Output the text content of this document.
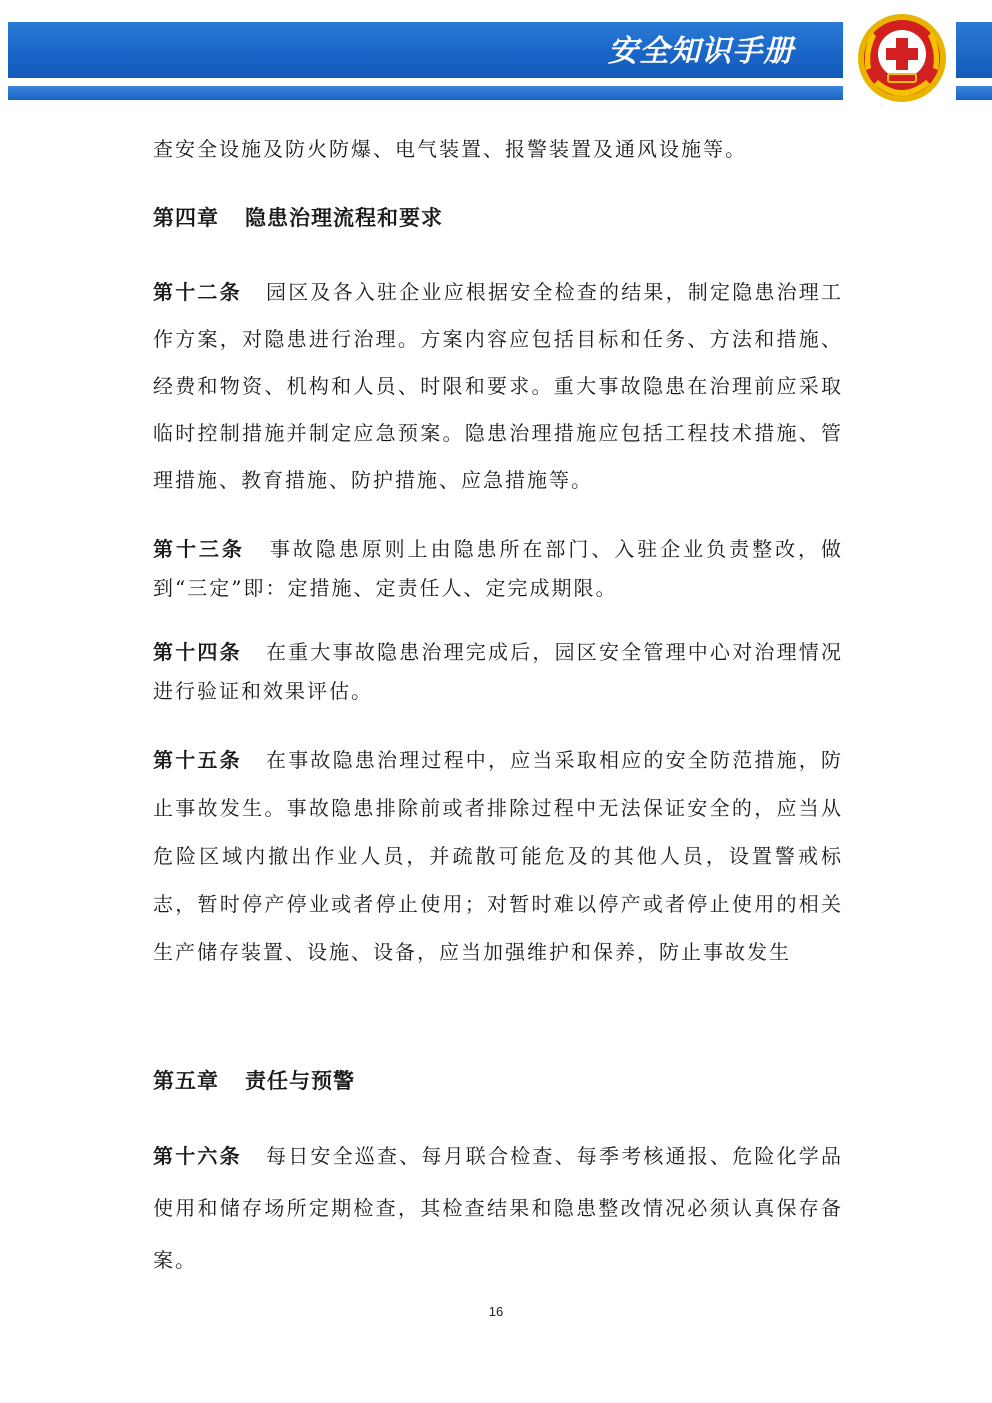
安全知识手册
查安全设施及防火防爆、电气装置、报警装置及通风设施等。
第四章 隐患治理流程和要求
第十二条 园区及各入驻企业应根据安全检查的结果，制定隐患治理工作方案，对隐患进行治理。方案内容应包括目标和任务、方法和措施、经费和物资、机构和人员、时限和要求。重大事故隐患在治理前应采取临时控制措施并制定应急预案。隐患治理措施应包括工程技术措施、管理措施、教育措施、防护措施、应急措施等。
第十三条 事故隐患原则上由隐患所在部门、入驻企业负责整改，做到“三定”即：定措施、定责任人、定完成期限。
第十四条 在重大事故隐患治理完成后，园区安全管理中心对治理情况进行验证和效果评估。
第十五条 在事故隐患治理过程中，应当采取相应的安全防范措施，防止事故发生。事故隐患排除前或者排除过程中无法保证安全的，应当从危险区域内撤出作业人员，并疏散可能危及的其他人员，设置警戒标志，暂时停产停业或者停止使用；对暂时难以停产或者停止使用的相关生产储存装置、设施、设备，应当加强维护和保养，防止事故发生
第五章 责任与预警
第十六条 每日安全巡查、每月联合检查、每季考核通报、危险化学品使用和储存场所定期检查，其检查结果和隐患整改情况必须认真保存备案。
16
